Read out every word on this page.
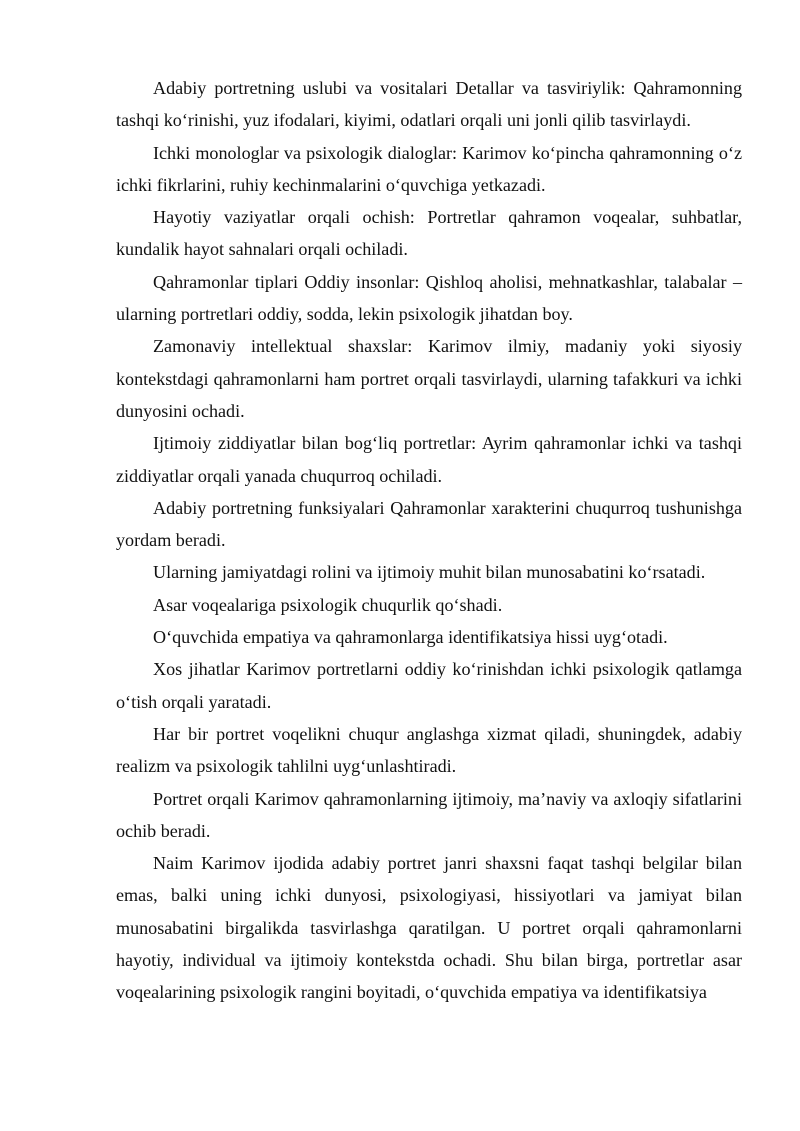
Adabiy portretning uslubi va vositalari Detallar va tasviriylik: Qahramonning tashqi ko‘rinishi, yuz ifodalari, kiyimi, odatlari orqali uni jonli qilib tasvirlaydi.

Ichki monologlar va psixologik dialoglar: Karimov ko‘pincha qahramonning o‘z ichki fikrlarini, ruhiy kechinmalarini o‘quvchiga yetkazadi.

Hayotiy vaziyatlar orqali ochish: Portretlar qahramon voqealar, suhbatlar, kundalik hayot sahnalari orqali ochiladi.

Qahramonlar tiplari Oddiy insonlar: Qishloq aholisi, mehnatkashlar, talabalar – ularning portretlari oddiy, sodda, lekin psixologik jihatdan boy.

Zamonaviy intellektual shaxslar: Karimov ilmiy, madaniy yoki siyosiy kontekstdagi qahramonlarni ham portret orqali tasvirlaydi, ularning tafakkuri va ichki dunyosini ochadi.

Ijtimoiy ziddiyatlar bilan bog‘liq portretlar: Ayrim qahramonlar ichki va tashqi ziddiyatlar orqali yanada chuqurroq ochiladi.

Adabiy portretning funksiyalari Qahramonlar xarakterini chuqurroq tushunishga yordam beradi.

Ularning jamiyatdagi rolini va ijtimoiy muhit bilan munosabatini ko‘rsatadi.

Asar voqealariga psixologik chuqurlik qo‘shadi.

O‘quvchida empatiya va qahramonlarga identifikatsiya hissi uyg‘otadi.

Xos jihatlar Karimov portretlarni oddiy ko‘rinishdan ichki psixologik qatlamga o‘tish orqali yaratadi.

Har bir portret voqelikni chuqur anglashga xizmat qiladi, shuningdek, adabiy realizm va psixologik tahlilni uyg‘unlashtiradi.

Portret orqali Karimov qahramonlarning ijtimoiy, ma’naviy va axloqiy sifatlarini ochib beradi.

Naim Karimov ijodida adabiy portret janri shaxsni faqat tashqi belgilar bilan emas, balki uning ichki dunyosi, psixologiyasi, hissiyotlari va jamiyat bilan munosabatini birgalikda tasvirlashga qaratilgan. U portret orqali qahramonlarni hayotiy, individual va ijtimoiy kontekstda ochadi. Shu bilan birga, portretlar asar voqealarining psixologik rangini boyitadi, o‘quvchida empatiya va identifikatsiya
